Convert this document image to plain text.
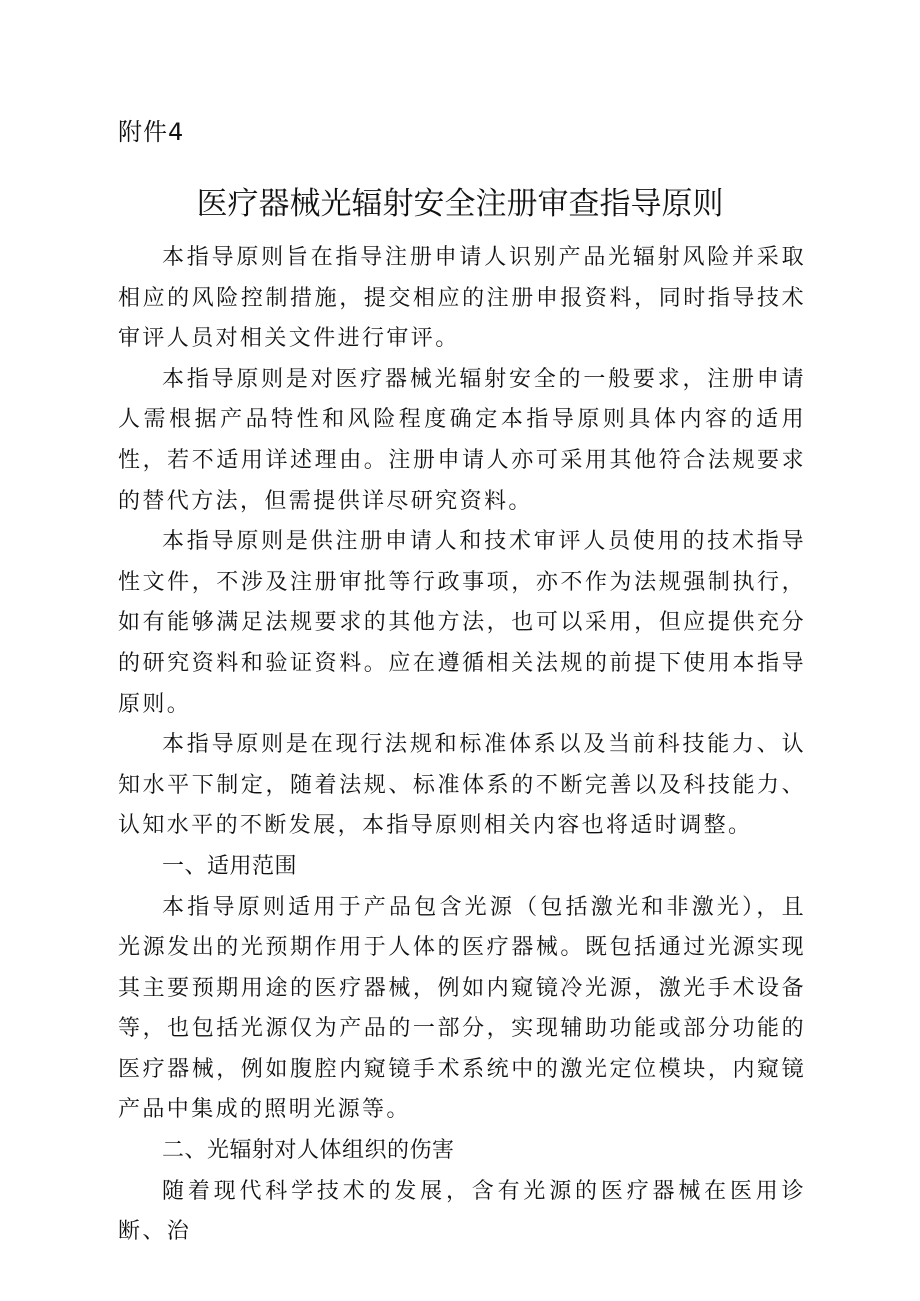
附件4
医疗器械光辐射安全注册审查指导原则

本指导原则旨在指导注册申请人识别产品光辐射风险并采取相应的风险控制措施，提交相应的注册申报资料，同时指导技术审评人员对相关文件进行审评。

本指导原则是对医疗器械光辐射安全的一般要求，注册申请人需根据产品特性和风险程度确定本指导原则具体内容的适用性，若不适用详述理由。注册申请人亦可采用其他符合法规要求的替代方法，但需提供详尽研究资料。

本指导原则是供注册申请人和技术审评人员使用的技术指导性文件，不涉及注册审批等行政事项，亦不作为法规强制执行，如有能够满足法规要求的其他方法，也可以采用，但应提供充分的研究资料和验证资料。应在遵循相关法规的前提下使用本指导原则。

本指导原则是在现行法规和标准体系以及当前科技能力、认知水平下制定，随着法规、标准体系的不断完善以及科技能力、认知水平的不断发展，本指导原则相关内容也将适时调整。

一、适用范围

本指导原则适用于产品包含光源（包括激光和非激光），且光源发出的光预期作用于人体的医疗器械。既包括通过光源实现其主要预期用途的医疗器械，例如内窥镜冷光源，激光手术设备等，也包括光源仅为产品的一部分，实现辅助功能或部分功能的医疗器械，例如腹腔内窥镜手术系统中的激光定位模块，内窥镜产品中集成的照明光源等。

二、光辐射对人体组织的伤害

随着现代科学技术的发展，含有光源的医疗器械在医用诊断、治
